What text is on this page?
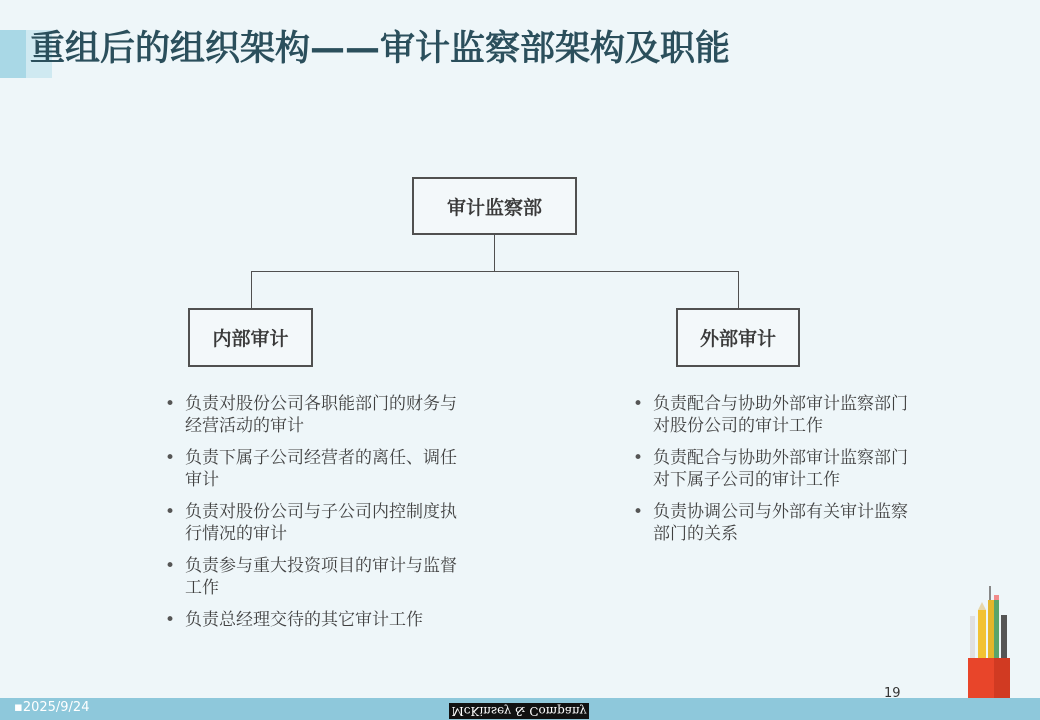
重组后的组织架构——审计监察部架构及职能
审计监察部
内部审计	外部审计
• 负责对股份公司各职能部门的财务与经营活动的审计
• 负责下属子公司经营者的离任、调任审计
• 负责对股份公司与子公司内控制度执行情况的审计
• 负责参与重大投资项目的审计与监督工作
• 负责总经理交待的其它审计工作
• 负责配合与协助外部审计监察部门对股份公司的审计工作
• 负责配合与协助外部审计监察部门对下属子公司的审计工作
• 负责协调公司与外部有关审计监察部门的关系
▪2025/9/24
19
McKinsey & Company
